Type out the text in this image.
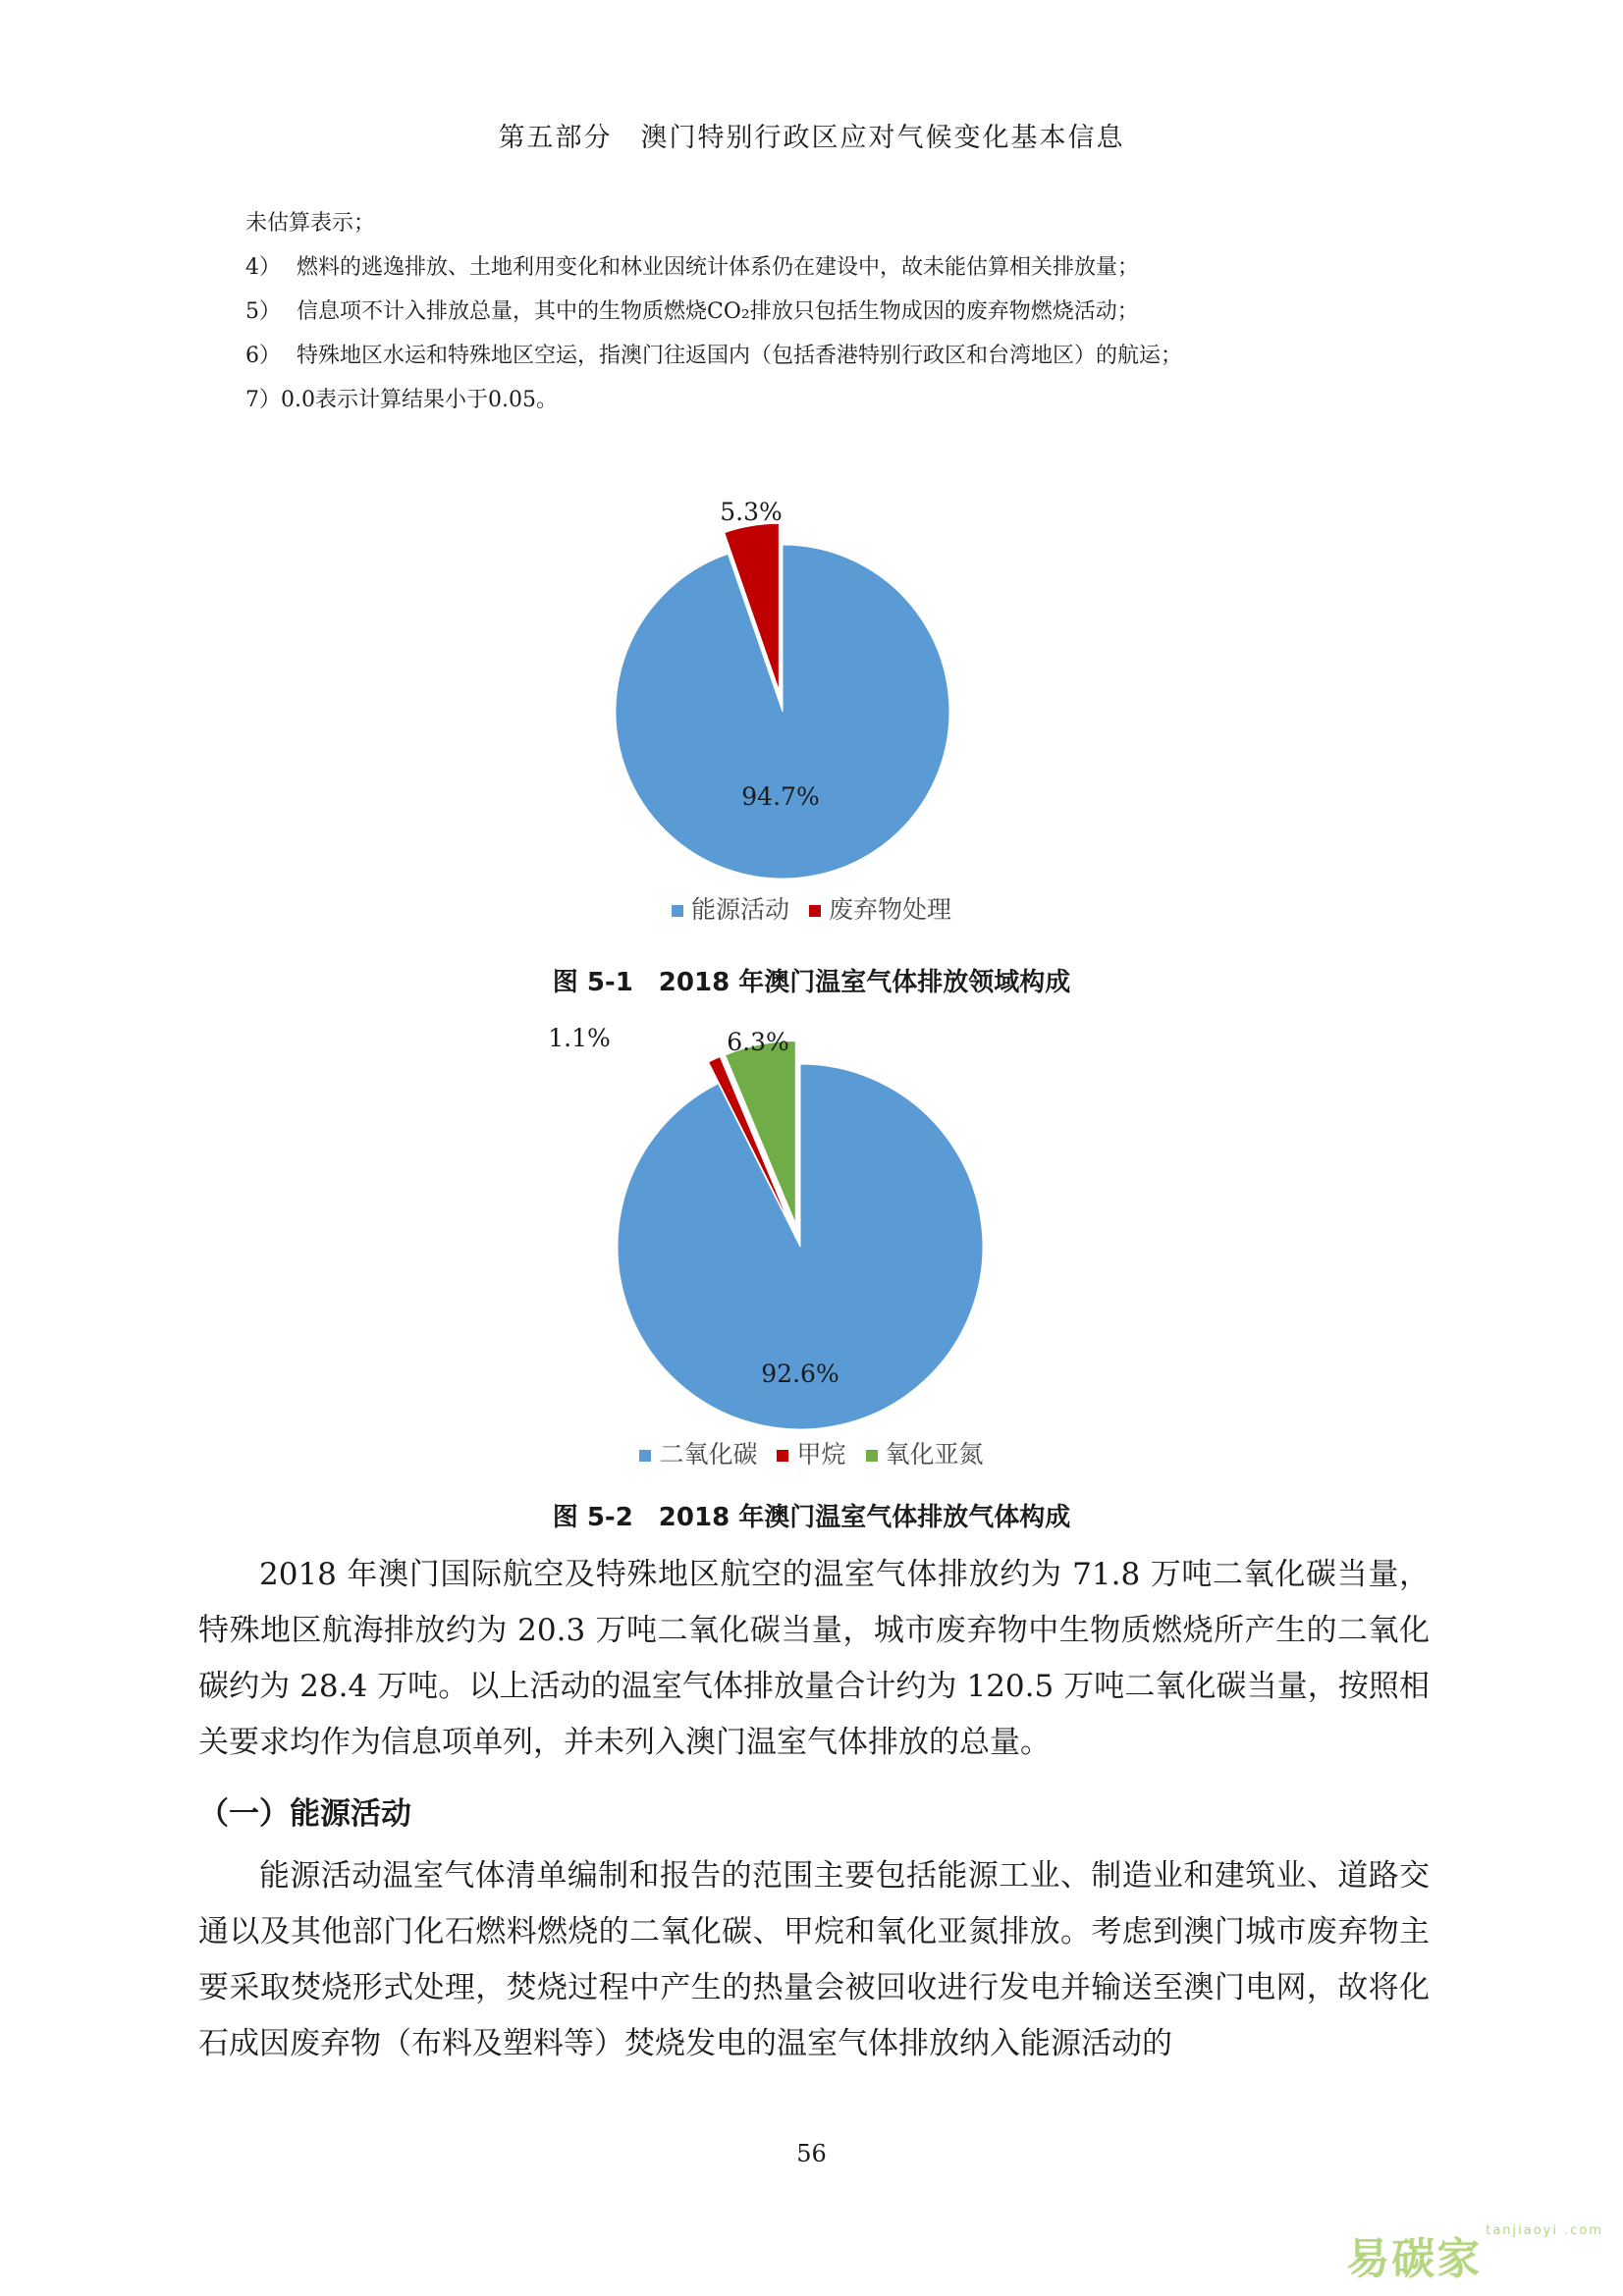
第五部分　澳门特别行政区应对气候变化基本信息
未估算表示；
4） 燃料的逃逸排放、土地利用变化和林业因统计体系仍在建设中，故未能估算相关排放量；
5） 信息项不计入排放总量，其中的生物质燃烧CO₂排放只包括生物成因的废弃物燃烧活动；
6） 特殊地区水运和特殊地区空运，指澳门往返国内（包括香港特别行政区和台湾地区）的航运；
7）0.0表示计算结果小于0.05。
94.7%
5.3%
能源活动 废弃物处理
图 5-1　2018 年澳门温室气体排放领域构成
92.6%
1.1%	6.3%
二氧化碳 甲烷 氧化亚氮
图 5-2　2018 年澳门温室气体排放气体构成

2018 年澳门国际航空及特殊地区航空的温室气体排放约为 71.8 万吨二氧化碳当量，特殊地区航海排放约为 20.3 万吨二氧化碳当量，城市废弃物中生物质燃烧所产生的二氧化碳约为 28.4 万吨。以上活动的温室气体排放量合计约为 120.5 万吨二氧化碳当量，按照相关要求均作为信息项单列，并未列入澳门温室气体排放的总量。

（一）能源活动

能源活动温室气体清单编制和报告的范围主要包括能源工业、制造业和建筑业、道路交通以及其他部门化石燃料燃烧的二氧化碳、甲烷和氧化亚氮排放。考虑到澳门城市废弃物主要采取焚烧形式处理，焚烧过程中产生的热量会被回收进行发电并输送至澳门电网，故将化石成因废弃物（布料及塑料等）焚烧发电的温室气体排放纳入能源活动的

56
易碳家$^{tanjiaoyi .com}$
